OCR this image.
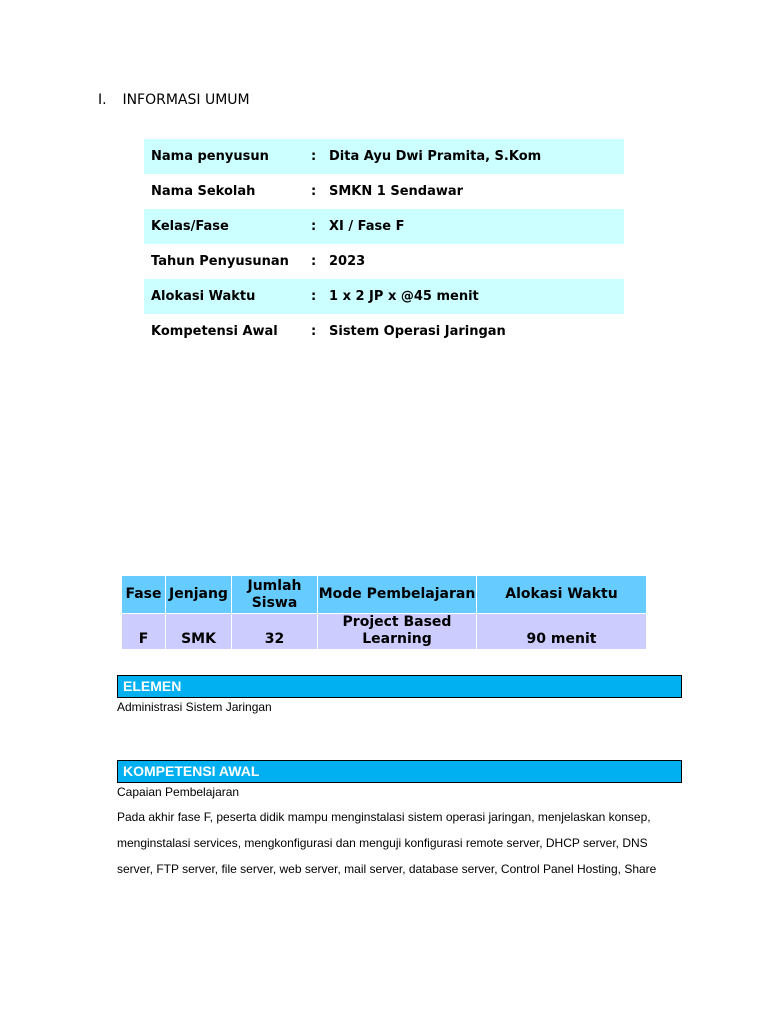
I. INFORMASI UMUM
Nama penyusun	: Dita Ayu Dwi Pramita, S.Kom
Nama Sekolah	: SMKN 1 Sendawar
Kelas/Fase	: XI / Fase F
Tahun Penyusunan	: 2023
Alokasi Waktu	: 1 x 2 JP x @45 menit
Kompetensi Awal	: Sistem Operasi Jaringan
Fase	Jenjang	Jumlah Siswa	Mode Pembelajaran	Alokasi Waktu
F	SMK	32	Project Based Learning	90 menit
ELEMEN
Administrasi Sistem Jaringan
KOMPETENSI AWAL
Capaian Pembelajaran
Pada akhir fase F, peserta didik mampu menginstalasi sistem operasi jaringan, menjelaskan konsep,
menginstalasi services, mengkonfigurasi dan menguji konfigurasi remote server, DHCP server, DNS
server, FTP server, file server, web server, mail server, database server, Control Panel Hosting, Share
